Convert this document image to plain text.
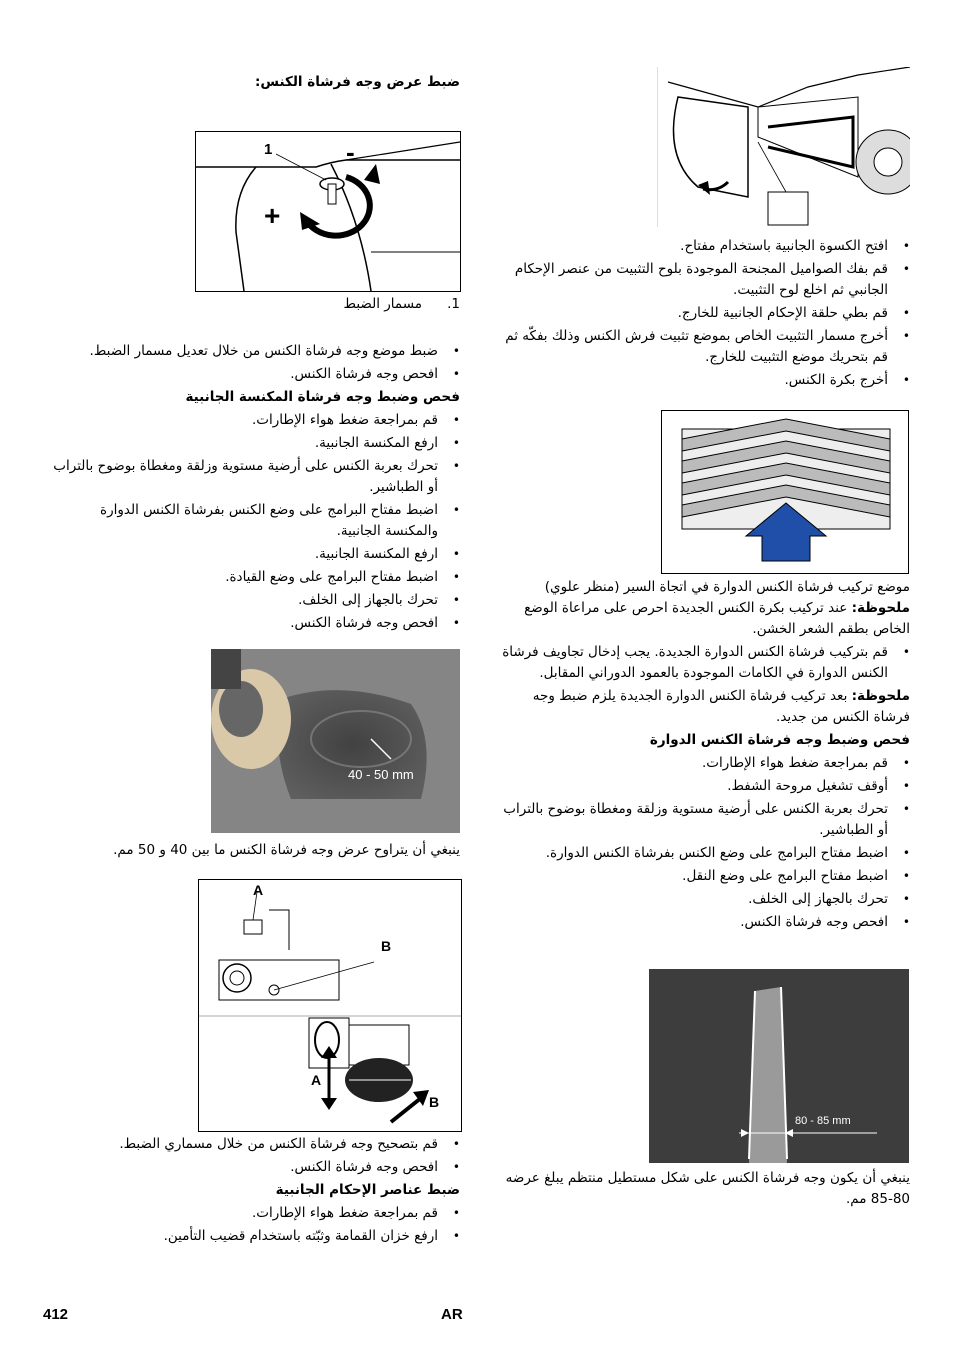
ضبط عرض وجه فرشاة الكنس:

1	-
+

1.مسمار الضبط

• ضبط موضع وجه فرشاة الكنس من خلال تعديل مسمار الضبط.
• افحص وجه فرشاة الكنس.

فحص وضبط وجه فرشاة المكنسة الجانبية

• قم بمراجعة ضغط هواء الإطارات.
• ارفع المكنسة الجانبية.
• تحرك بعربة الكنس على أرضية مستوية وزلقة ومغطاة بوضوح بالتراب أو الطباشير.
• اضبط مفتاح البرامج على وضع الكنس بفرشاة الكنس الدوارة والمكنسة الجانبية.
• ارفع المكنسة الجانبية.
• اضبط مفتاح البرامج على وضع القيادة.
• تحرك بالجهاز إلى الخلف.
• افحص وجه فرشاة الكنس.
40 - 50 mm

ينبغي أن يتراوح عرض وجه فرشاة الكنس ما بين 40 و 50 مم.

A
B
A
B
• قم بتصحيح وجه فرشاة الكنس من خلال مسماري الضبط.
• افحص وجه فرشاة الكنس.

ضبط عناصر الإحكام الجانبية

• قم بمراجعة ضغط هواء الإطارات.
• ارفع خزان القمامة وثبّته باستخدام قضيب التأمين.
• افتح الكسوة الجانبية باستخدام مفتاح.
• قم بفك الصواميل المجنحة الموجودة بلوح التثبيت من عنصر الإحكام الجانبي ثم اخلع لوح التثبيت.
• قم بطي حلقة الإحكام الجانبية للخارج.
• أخرج مسمار التثبيت الخاص بموضع تثبيت فرش الكنس وذلك بفكّه ثم قم بتحريك موضع التثبيت للخارج.
• أخرج بكرة الكنس.

موضع تركيب فرشاة الكنس الدوارة في اتجاة السير (منظر علوي)

ملحوظة: عند تركيب بكرة الكنس الجديدة احرص على مراعاة الوضع الخاص بطقم الشعر الخشن.

• قم بتركيب فرشاة الكنس الدوارة الجديدة. يجب إدخال تجاويف فرشاة الكنس الدوارة في الكامات الموجودة بالعمود الدوراني المقابل.

ملحوظة: بعد تركيب فرشاة الكنس الدوارة الجديدة يلزم ضبط وجه فرشاة الكنس من جديد.

فحص وضبط وجه فرشاة الكنس الدوارة

• قم بمراجعة ضغط هواء الإطارات.
• أوقف تشغيل مروحة الشفط.
• تحرك بعربة الكنس على أرضية مستوية وزلقة ومغطاة بوضوح بالتراب أو الطباشير.
• اضبط مفتاح البرامج على وضع الكنس بفرشاة الكنس الدوارة.
• اضبط مفتاح البرامج على وضع النقل.
• تحرك بالجهاز إلى الخلف.
• افحص وجه فرشاة الكنس.
80 - 85 mm

ينبغي أن يكون وجه فرشاة الكنس على شكل مستطيل منتظم يبلغ عرضه 80-85 مم.

412	AR
